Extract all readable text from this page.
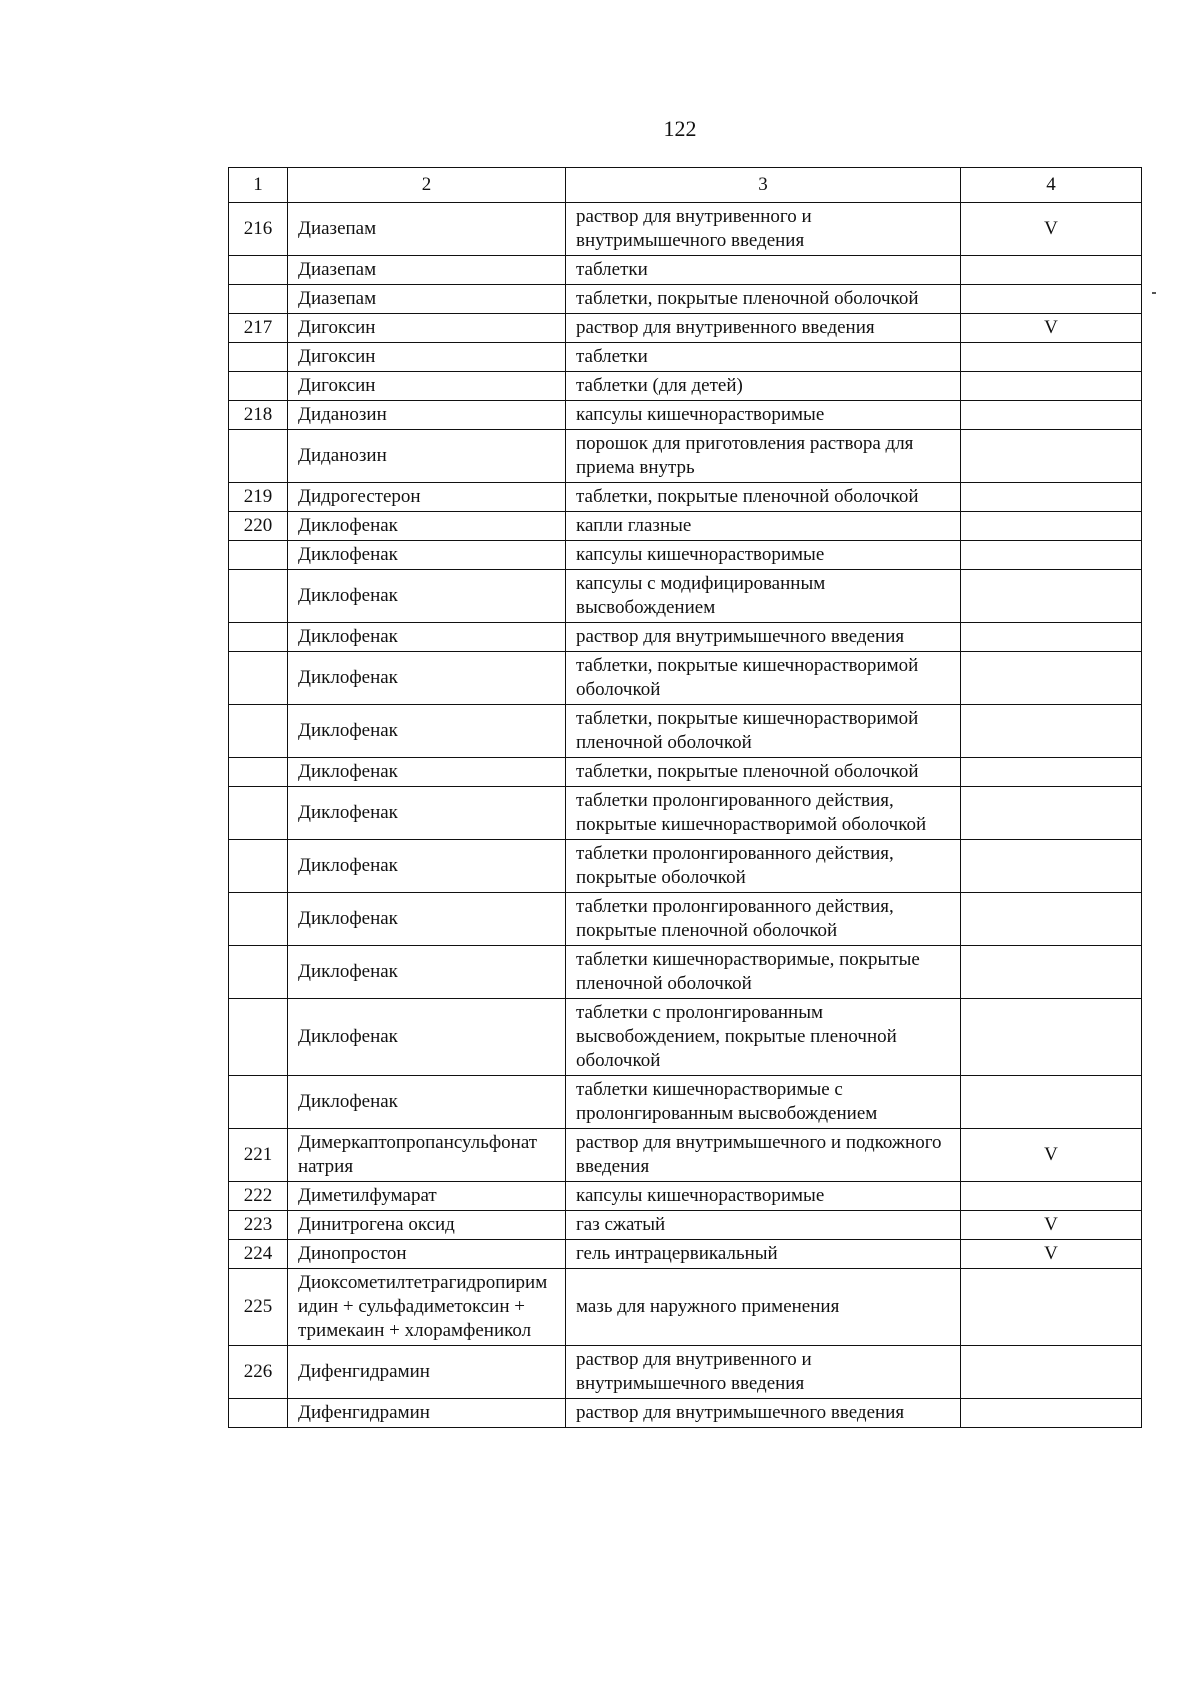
122
1	2	3	4
216	Диазепам	раствор для внутривенного и внутримышечного введения	V
	Диазепам	таблетки	
	Диазепам	таблетки, покрытые пленочной оболочкой	
217	Дигоксин	раствор для внутривенного введения	V
	Дигоксин	таблетки	
	Дигоксин	таблетки (для детей)	
218	Диданозин	капсулы кишечнорастворимые	
	Диданозин	порошок для приготовления раствора для приема внутрь	
219	Дидрогестерон	таблетки, покрытые пленочной оболочкой	
220	Диклофенак	капли глазные	
	Диклофенак	капсулы кишечнорастворимые	
	Диклофенак	капсулы с модифицированным высвобождением	
	Диклофенак	раствор для внутримышечного введения	
	Диклофенак	таблетки, покрытые кишечнорастворимой оболочкой	
	Диклофенак	таблетки, покрытые кишечнорастворимой пленочной оболочкой	
	Диклофенак	таблетки, покрытые пленочной оболочкой	
	Диклофенак	таблетки пролонгированного действия, покрытые кишечнорастворимой оболочкой	
	Диклофенак	таблетки пролонгированного действия, покрытые оболочкой	
	Диклофенак	таблетки пролонгированного действия, покрытые пленочной оболочкой	
	Диклофенак	таблетки кишечнорастворимые, покрытые пленочной оболочкой	
	Диклофенак	таблетки с пролонгированным высвобождением, покрытые пленочной оболочкой	
	Диклофенак	таблетки кишечнорастворимые с пролонгированным высвобождением	
221	Димеркаптопропансульфонат натрия	раствор для внутримышечного и подкожного введения	V
222	Диметилфумарат	капсулы кишечнорастворимые	
223	Динитрогена оксид	газ сжатый	V
224	Динопростон	гель интрацервикальный	V
225	Диоксометилтетрагидропиримидин + сульфадиметоксин + тримекаин + хлорамфеникол	мазь для наружного применения	
226	Дифенгидрамин	раствор для внутривенного и внутримышечного введения	
	Дифенгидрамин	раствор для внутримышечного введения	
